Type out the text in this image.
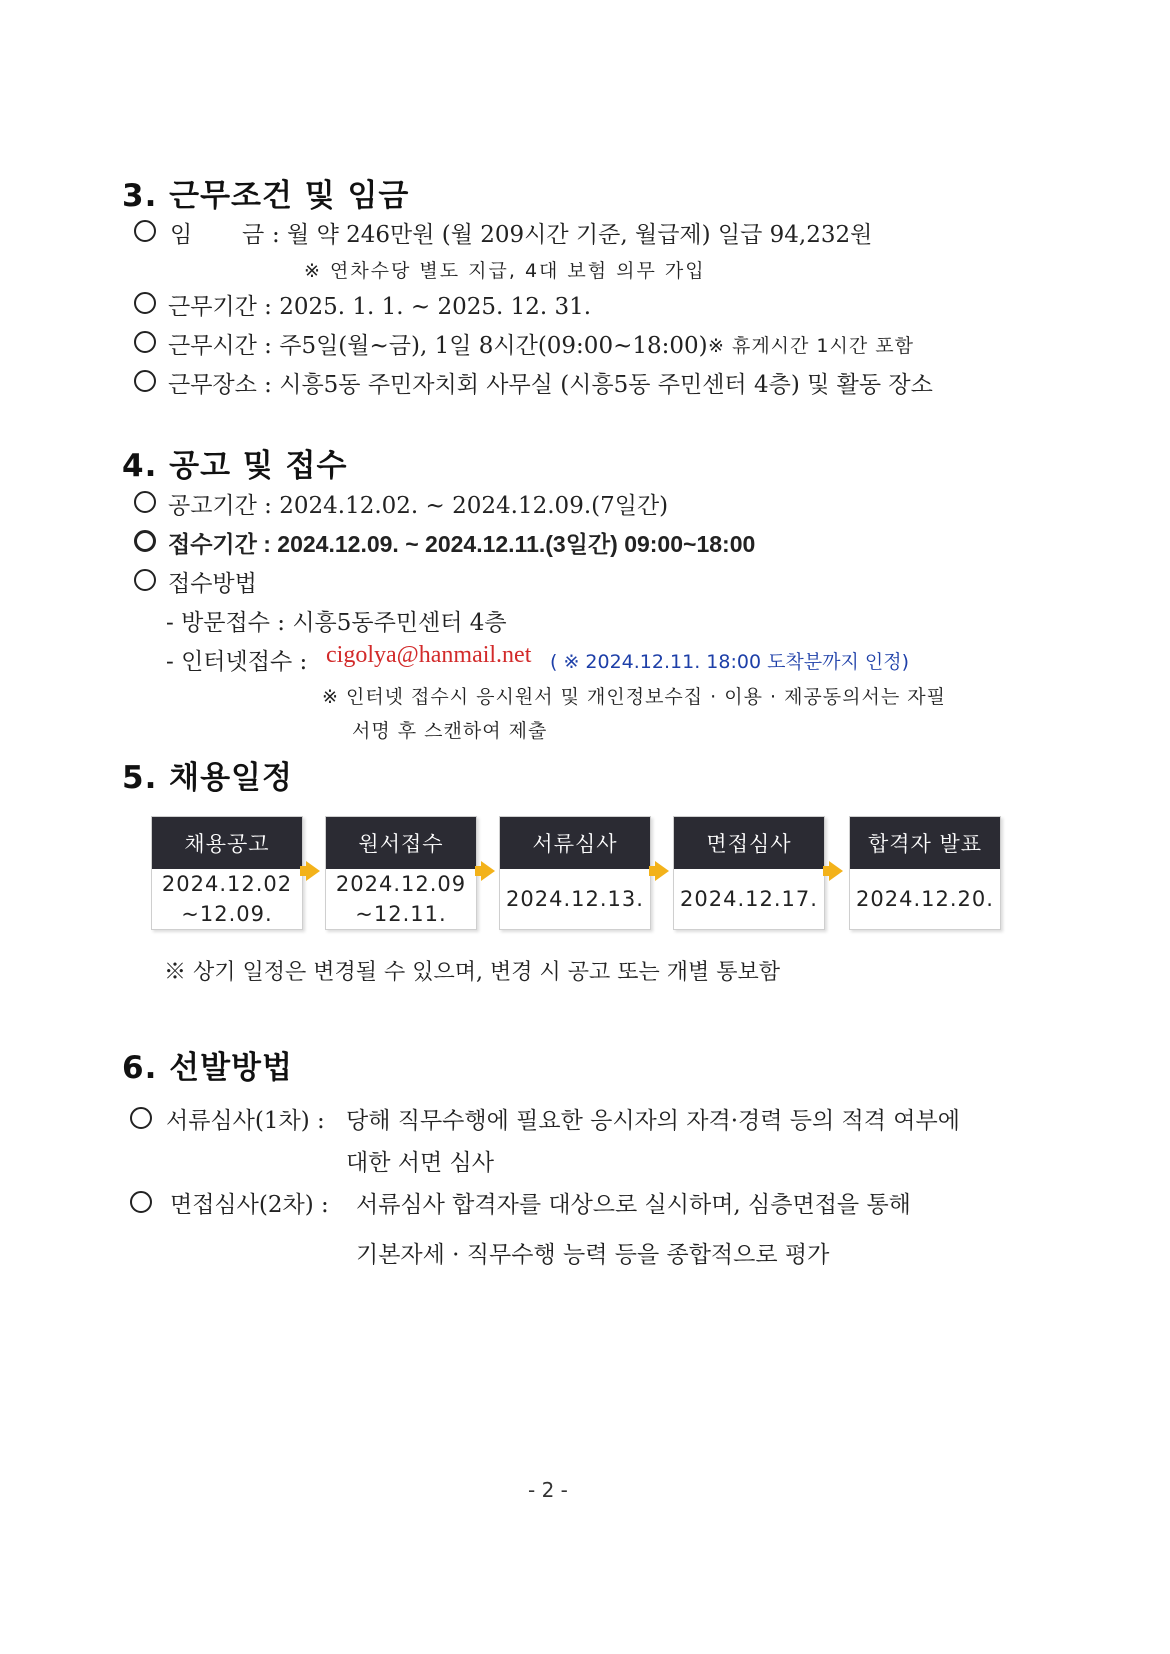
3. 근무조건 및 임금
임 금 : 월 약 246만원 (월 209시간 기준, 월급제) 일급 94,232원
※ 연차수당 별도 지급, 4대 보험 의무 가입
근무기간 : 2025. 1. 1. ~ 2025. 12. 31.
근무시간 : 주5일(월~금), 1일 8시간(09:00~18:00) ※ 휴게시간 1시간 포함
근무장소 : 시흥5동 주민자치회 사무실 (시흥5동 주민센터 4층) 및 활동 장소
4. 공고 및 접수
공고기간 : 2024.12.02. ~ 2024.12.09.(7일간)
접수기간 : 2024.12.09. ~ 2024.12.11.(3일간) 09:00~18:00
접수방법
- 방문접수 : 시흥5동주민센터 4층
- 인터넷접수 : cigolya@hanmail.net ( ※ 2024.12.11. 18:00 도착분까지 인정)
※ 인터넷 접수시 응시원서 및 개인정보수집 · 이용 · 제공동의서는 자필
서명 후 스캔하여 제출
5. 채용일정
채용공고
2024.12.02
~12.09.
원서접수
2024.12.09
~12.11.
서류심사
2024.12.13.
면접심사
2024.12.17.
합격자 발표
2024.12.20.
※ 상기 일정은 변경될 수 있으며, 변경 시 공고 또는 개별 통보함
6. 선발방법
서류심사(1차) : 당해 직무수행에 필요한 응시자의 자격·경력 등의 적격 여부에
대한 서면 심사
면접심사(2차) : 서류심사 합격자를 대상으로 실시하며, 심층면접을 통해
기본자세 · 직무수행 능력 등을 종합적으로 평가
- 2 -
